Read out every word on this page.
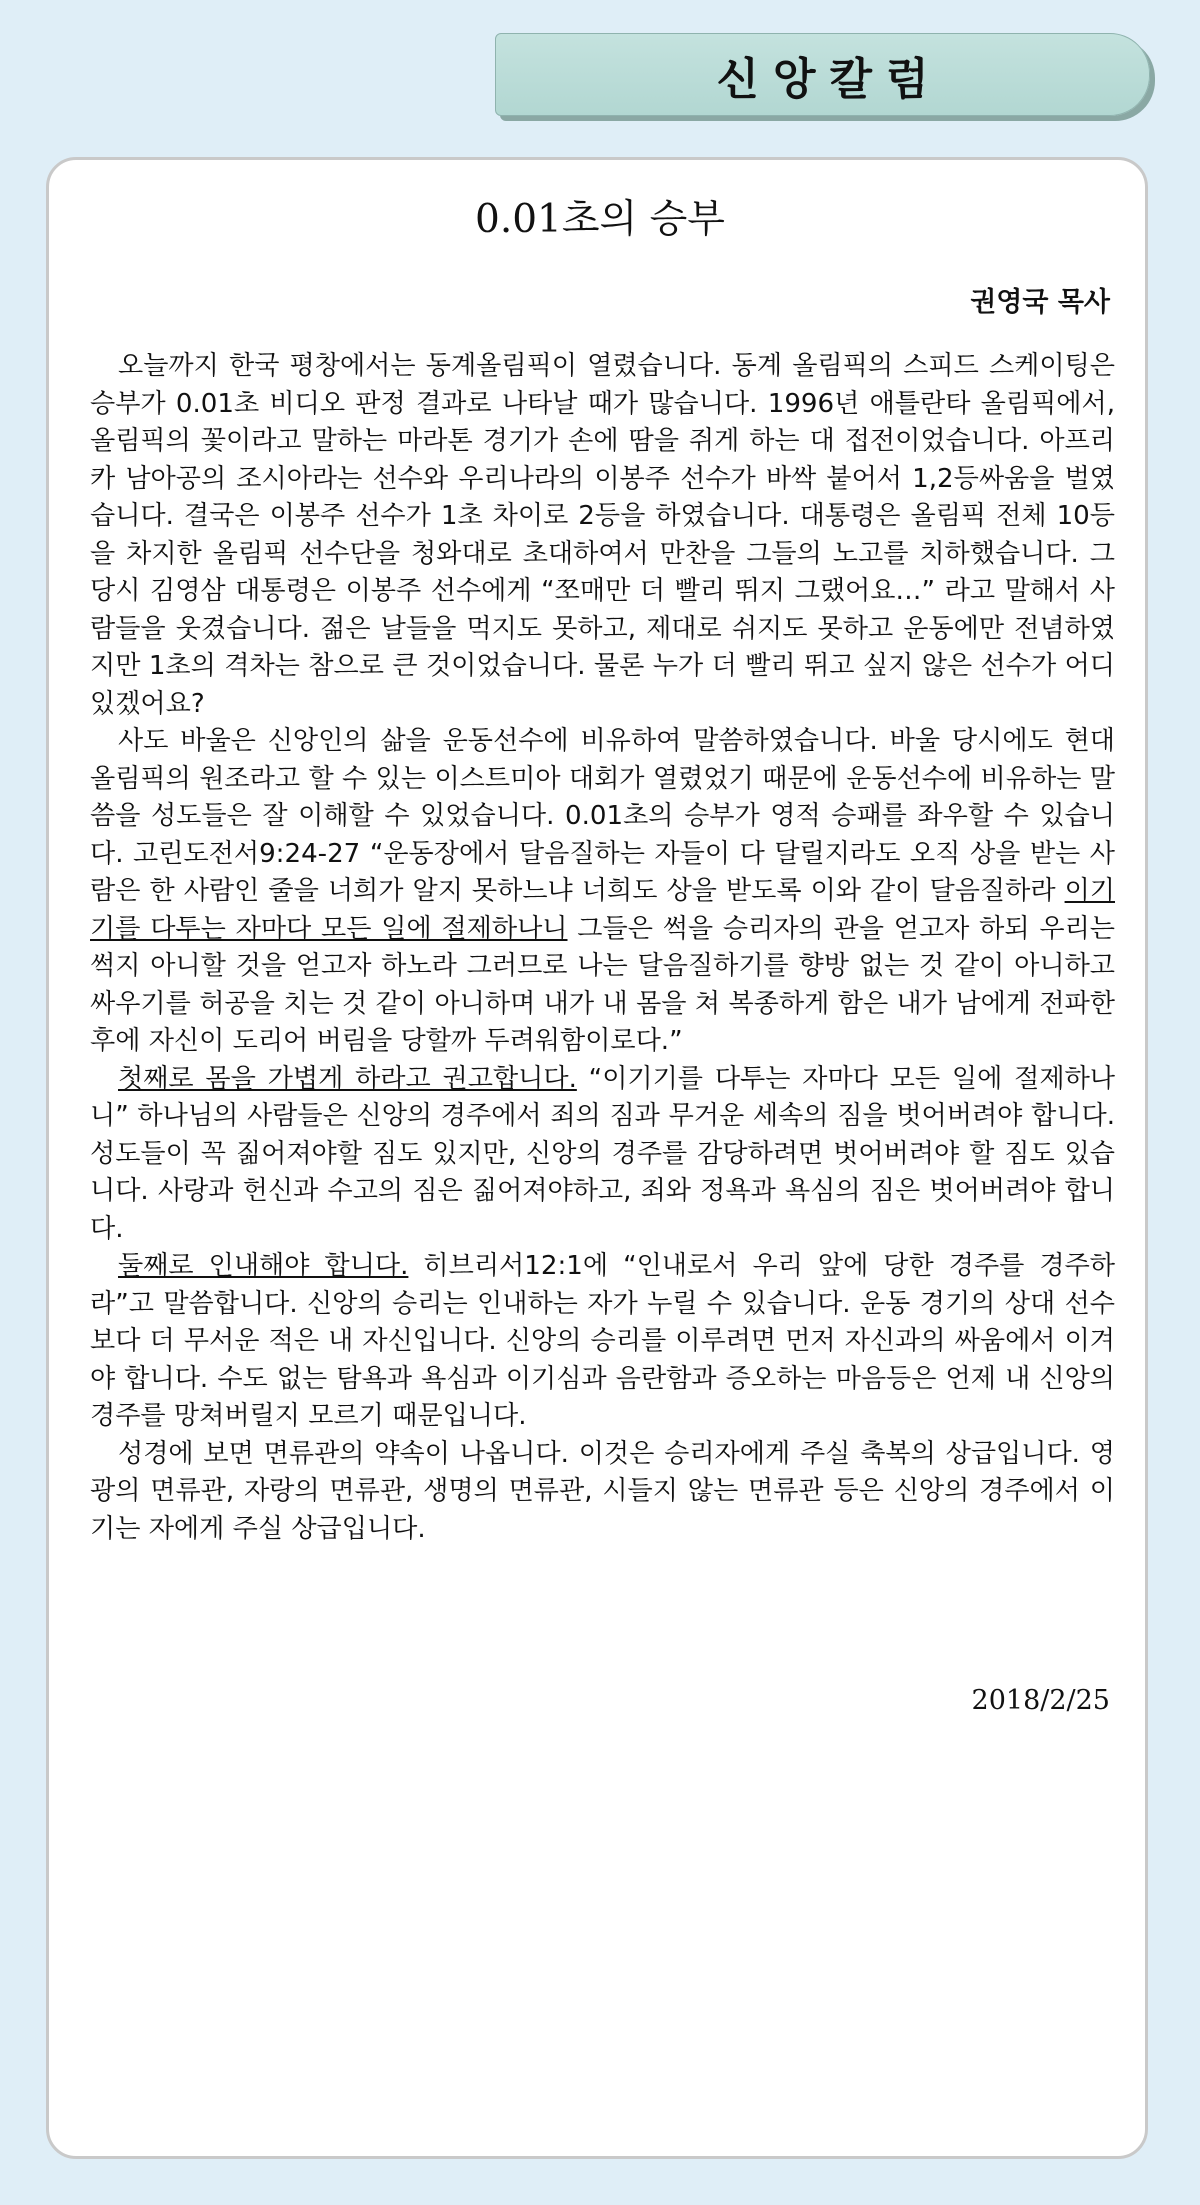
신앙칼럼
0.01초의 승부
권영국 목사

오늘까지 한국 평창에서는 동계올림픽이 열렸습니다. 동계 올림픽의 스피드 스케이팅은 승부가 0.01초 비디오 판정 결과로 나타날 때가 많습니다. 1996년 애틀란타 올림픽에서, 올림픽의 꽃이라고 말하는 마라톤 경기가 손에 땀을 쥐게 하는 대 접전이었습니다. 아프리카 남아공의 조시아라는 선수와 우리나라의 이봉주 선수가 바싹 붙어서 1,2등싸움을 벌였습니다. 결국은 이봉주 선수가 1초 차이로 2등을 하였습니다. 대통령은 올림픽 전체 10등을 차지한 올림픽 선수단을 청와대로 초대하여서 만찬을 그들의 노고를 치하했습니다. 그 당시 김영삼 대통령은 이봉주 선수에게 “쪼매만 더 빨리 뛰지 그랬어요…” 라고 말해서 사람들을 웃겼습니다. 젊은 날들을 먹지도 못하고, 제대로 쉬지도 못하고 운동에만 전념하였지만 1초의 격차는 참으로 큰 것이었습니다. 물론 누가 더 빨리 뛰고 싶지 않은 선수가 어디 있겠어요?

사도 바울은 신앙인의 삶을 운동선수에 비유하여 말씀하였습니다. 바울 당시에도 현대 올림픽의 원조라고 할 수 있는 이스트미아 대회가 열렸었기 때문에 운동선수에 비유하는 말씀을 성도들은 잘 이해할 수 있었습니다. 0.01초의 승부가 영적 승패를 좌우할 수 있습니다. 고린도전서9:24-27 “운동장에서 달음질하는 자들이 다 달릴지라도 오직 상을 받는 사람은 한 사람인 줄을 너희가 알지 못하느냐 너희도 상을 받도록 이와 같이 달음질하라 이기기를 다투는 자마다 모든 일에 절제하나니 그들은 썩을 승리자의 관을 얻고자 하되 우리는 썩지 아니할 것을 얻고자 하노라 그러므로 나는 달음질하기를 향방 없는 것 같이 아니하고 싸우기를 허공을 치는 것 같이 아니하며 내가 내 몸을 쳐 복종하게 함은 내가 남에게 전파한 후에 자신이 도리어 버림을 당할까 두려워함이로다.”

첫째로 몸을 가볍게 하라고 권고합니다. “이기기를 다투는 자마다 모든 일에 절제하나니” 하나님의 사람들은 신앙의 경주에서 죄의 짐과 무거운 세속의 짐을 벗어버려야 합니다. 성도들이 꼭 짊어져야할 짐도 있지만, 신앙의 경주를 감당하려면 벗어버려야 할 짐도 있습니다. 사랑과 헌신과 수고의 짐은 짊어져야하고, 죄와 정욕과 욕심의 짐은 벗어버려야 합니다.

둘째로 인내해야 합니다. 히브리서12:1에 “인내로서 우리 앞에 당한 경주를 경주하라”고 말씀합니다. 신앙의 승리는 인내하는 자가 누릴 수 있습니다. 운동 경기의 상대 선수보다 더 무서운 적은 내 자신입니다. 신앙의 승리를 이루려면 먼저 자신과의 싸움에서 이겨야 합니다. 수도 없는 탐욕과 욕심과 이기심과 음란함과 증오하는 마음등은 언제 내 신앙의 경주를 망쳐버릴지 모르기 때문입니다.

성경에 보면 면류관의 약속이 나옵니다. 이것은 승리자에게 주실 축복의 상급입니다. 영광의 면류관, 자랑의 면류관, 생명의 면류관, 시들지 않는 면류관 등은 신앙의 경주에서 이기는 자에게 주실 상급입니다.

2018/2/25
